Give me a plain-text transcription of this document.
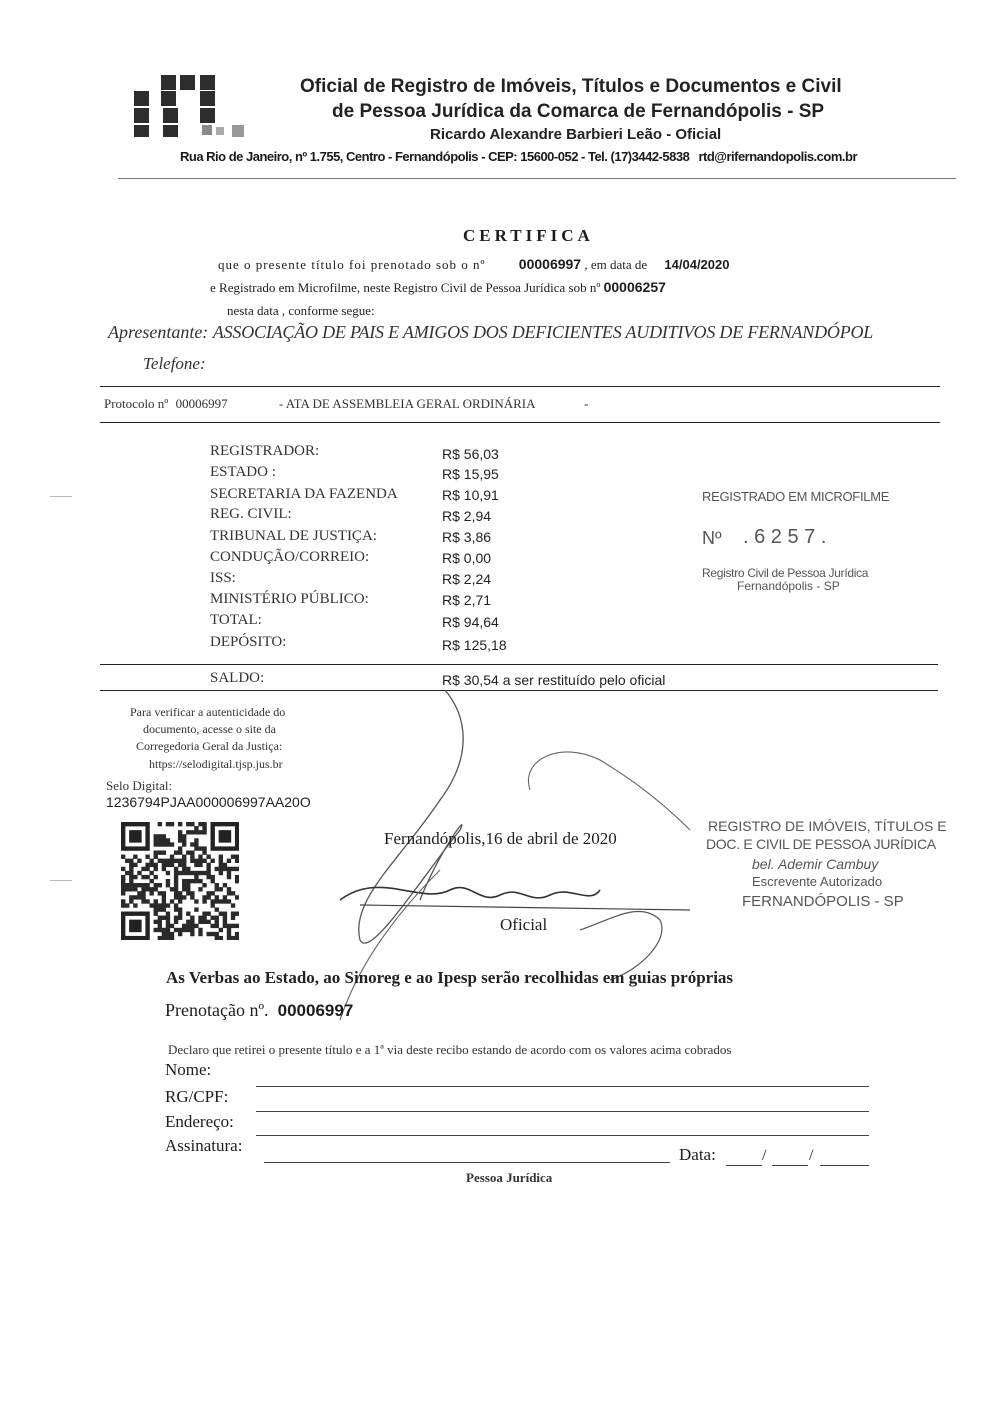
Oficial de Registro de Imóveis, Títulos e Documentos e Civil
de Pessoa Jurídica da Comarca de Fernandópolis - SP
Ricardo Alexandre Barbieri Leão - Oficial
Rua Rio de Janeiro, nº 1.755, Centro - Fernandópolis - CEP: 15600-052 - Tel. (17)3442-5838 rtd@rifernandopolis.com.br
CERTIFICA
que o presente título foi prenotado sob o nº 00006997 , em data de 14/04/2020
e Registrado em Microfilme, neste Registro Civil de Pessoa Jurídica sob nº 00006257
nesta data , conforme segue:
Apresentante: ASSOCIAÇÃO DE PAIS E AMIGOS DOS DEFICIENTES AUDITIVOS DE FERNANDÓPOL
Telefone:
Protocolo nº 00006997	- ATA DE ASSEMBLEIA GERAL ORDINÁRIA	-
REGISTRADOR:	R$ 56,03
ESTADO :	R$ 15,95
SECRETARIA DA FAZENDA	R$ 10,91
REG. CIVIL:	R$ 2,94
TRIBUNAL DE JUSTIÇA:	R$ 3,86
CONDUÇÃO/CORREIO:	R$ 0,00
ISS:	R$ 2,24
MINISTÉRIO PÚBLICO:	R$ 2,71
TOTAL:	R$ 94,64
DEPÓSITO:	R$ 125,18
SALDO:	R$ 30,54 a ser restituído pelo oficial
REGISTRADO EM MICROFILME
Nº . 6 2 5 7 .
Registro Civil de Pessoa Jurídica
Fernandópolis - SP
Para verificar a autenticidade do
documento, acesse o site da
Corregedoria Geral da Justiça:
https://selodigital.tjsp.jus.br
Selo Digital:
1236794PJAA000006997AA20O
Fernandópolis,16 de abril de 2020
Oficial
REGISTRO DE IMÓVEIS, TÍTULOS E
DOC. E CIVIL DE PESSOA JURÍDICA
bel. Ademir Cambuy
Escrevente Autorizado
FERNANDÓPOLIS - SP
As Verbas ao Estado, ao Sinoreg e ao Ipesp serão recolhidas em guias próprias
Prenotação nº. 00006997
Declaro que retirei o presente título e a 1ª via deste recibo estando de acordo com os valores acima cobrados
Nome:
RG/CPF:
Endereço:
Assinatura:	Data:	/	/
Pessoa Jurídica
